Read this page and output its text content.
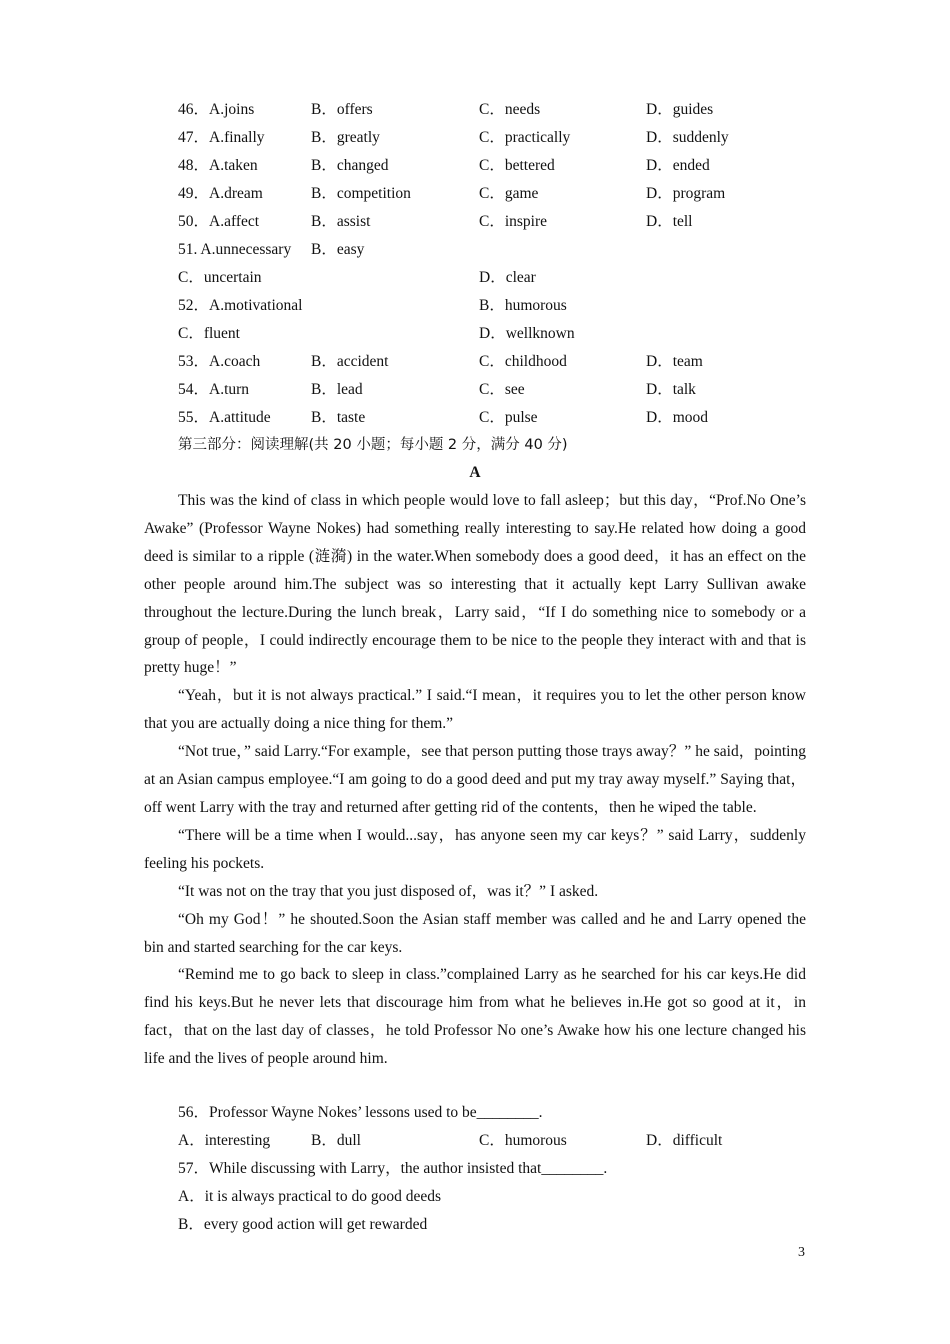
46．A.joins	B．offers	C．needs	D．guides
47．A.finally	B．greatly	C．practically	D．suddenly
48．A.taken	B．changed	C．bettered	D．ended
49．A.dream	B．competition	C．game	D．program
50．A.affect	B．assist	C．inspire	D．tell
51. A.unnecessary B．easy
C．uncertain	D．clear
52．A.motivational	B．humorous
C．fluent	D．wellknown
53．A.coach	B．accident	C．childhood	D．team
54．A.turn	B．lead	C．see	D．talk
55．A.attitude	B．taste	C．pulse	D．mood
第三部分：阅读理解(共 20 小题；每小题 2 分，满分 40 分)
A

This was the kind of class in which people would love to fall asleep；but this day，“Prof.No One’s Awake” (Professor Wayne Nokes) had something really interesting to say.He related how doing a good deed is similar to a ripple (涟漪) in the water.When somebody does a good deed，it has an effect on the other people around him.The subject was so interesting that it actually kept Larry Sullivan awake throughout the lecture.During the lunch break，Larry said，“If I do something nice to somebody or a group of people，I could indirectly encourage them to be nice to the people they interact with and that is pretty huge！”

“Yeah，but it is not always practical.” I said.“I mean，it requires you to let the other person know that you are actually doing a nice thing for them.”

“Not true，” said Larry.“For example，see that person putting those trays away？” he said，pointing at an Asian campus employee.“I am going to do a good deed and put my tray away myself.” Saying that，off went Larry with the tray and returned after getting rid of the contents，then he wiped the table.

“There will be a time when I would...say，has anyone seen my car keys？” said Larry，suddenly feeling his pockets.

“It was not on the tray that you just disposed of，was it？” I asked.

“Oh my God！” he shouted.Soon the Asian staff member was called and he and Larry opened the bin and started searching for the car keys.

“Remind me to go back to sleep in class.”complained Larry as he searched for his car keys.He did find his keys.But he never lets that discourage him from what he believes in.He got so good at it，in fact，that on the last day of classes，he told Professor No one’s Awake how his one lecture changed his life and the lives of people around him.

56．Professor Wayne Nokes’ lessons used to be________.
A．interesting	B．dull	C．humorous	D．difficult
57．While discussing with Larry，the author insisted that________.
A．it is always practical to do good deeds
B．every good action will get rewarded
3
